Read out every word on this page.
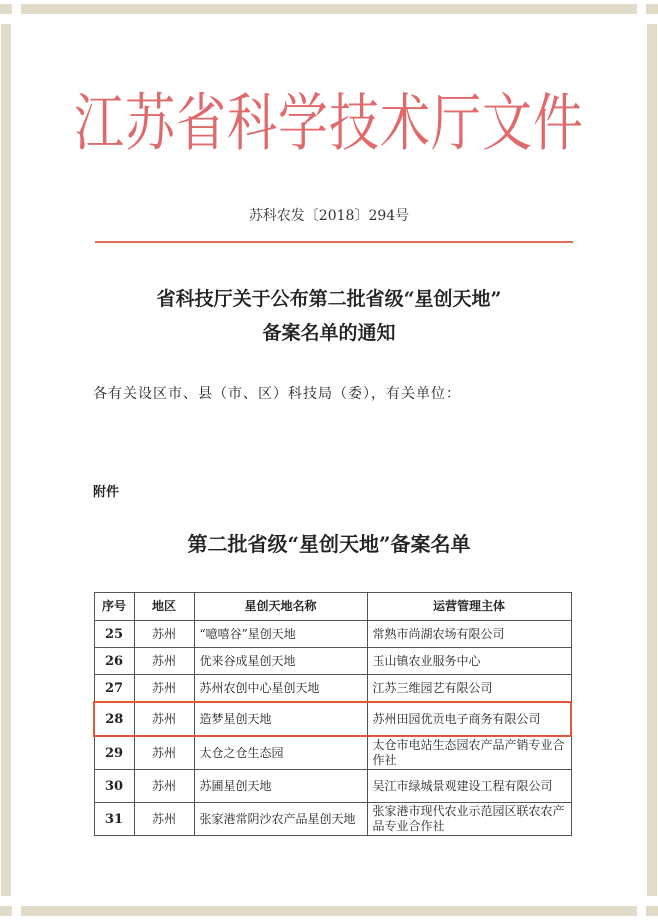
江苏省科学技术厅文件
苏科农发〔2018〕294号
省科技厅关于公布第二批省级“星创天地”
备案名单的通知
各有关设区市、县（市、区）科技局（委），有关单位：
附件
第二批省级“星创天地”备案名单
序号	地区	星创天地名称	运营管理主体
25	苏州	“噫嘻谷”星创天地	常熟市尚湖农场有限公司
26	苏州	优来谷成星创天地	玉山镇农业服务中心
27	苏州	苏州农创中心星创天地	江苏三维园艺有限公司
28	苏州	造梦星创天地	苏州田园优贡电子商务有限公司
29	苏州	太仓之仓生态园	太仓市电站生态园农产品产销专业合作社
30	苏州	苏圃星创天地	吴江市绿城景观建设工程有限公司
31	苏州	张家港常阴沙农产品星创天地	张家港市现代农业示范园区联农农产品专业合作社
